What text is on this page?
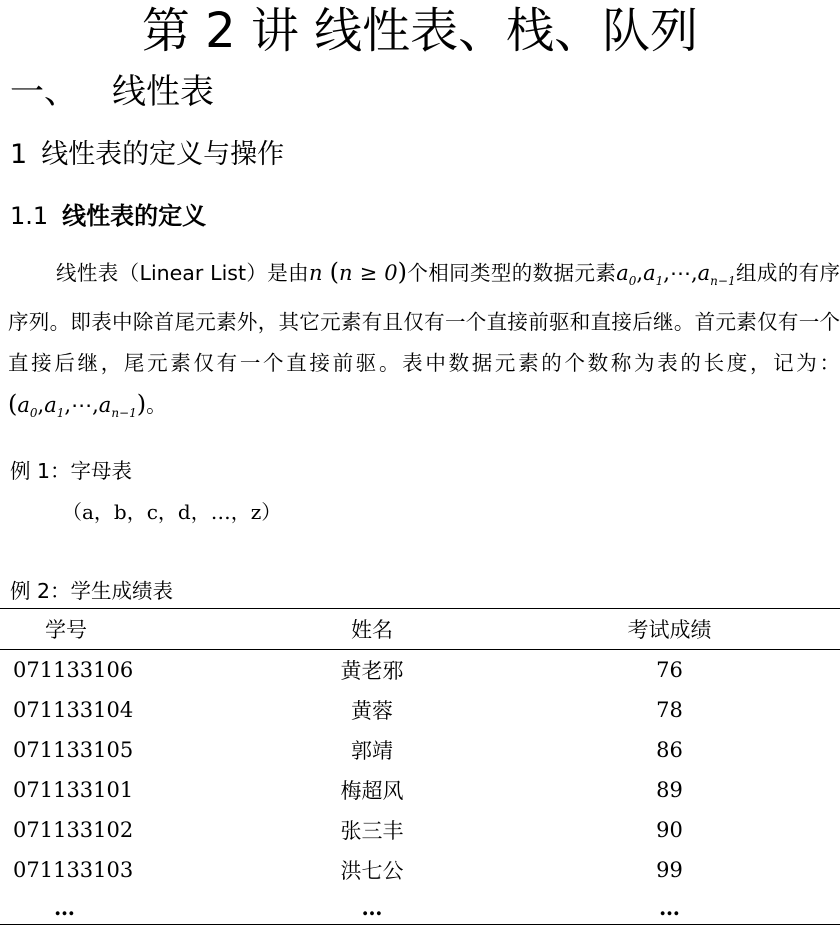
第 2 讲 线性表、栈、队列
一、 线性表
1 线性表的定义与操作
1.1 线性表的定义

线性表（Linear List）是由n (n ≥ 0)个相同类型的数据元素$a_0,a_1,\cdots,a_{n-1}$组成的有序序列。即表中除首尾元素外，其它元素有且仅有一个直接前驱和直接后继。首元素仅有一个直接后继，尾元素仅有一个直接前驱。表中数据元素的个数称为表的长度，记为：$(a_0,a_1,\cdots,a_{n-1})$。

例 1：字母表

（a，b，c，d，…，z）

例 2：学生成绩表

学号	姓名	考试成绩
071133106	黄老邪	76
071133104	黄蓉	78
071133105	郭靖	86
071133101	梅超风	89
071133102	张三丰	90
071133103	洪七公	99
…	…	…
